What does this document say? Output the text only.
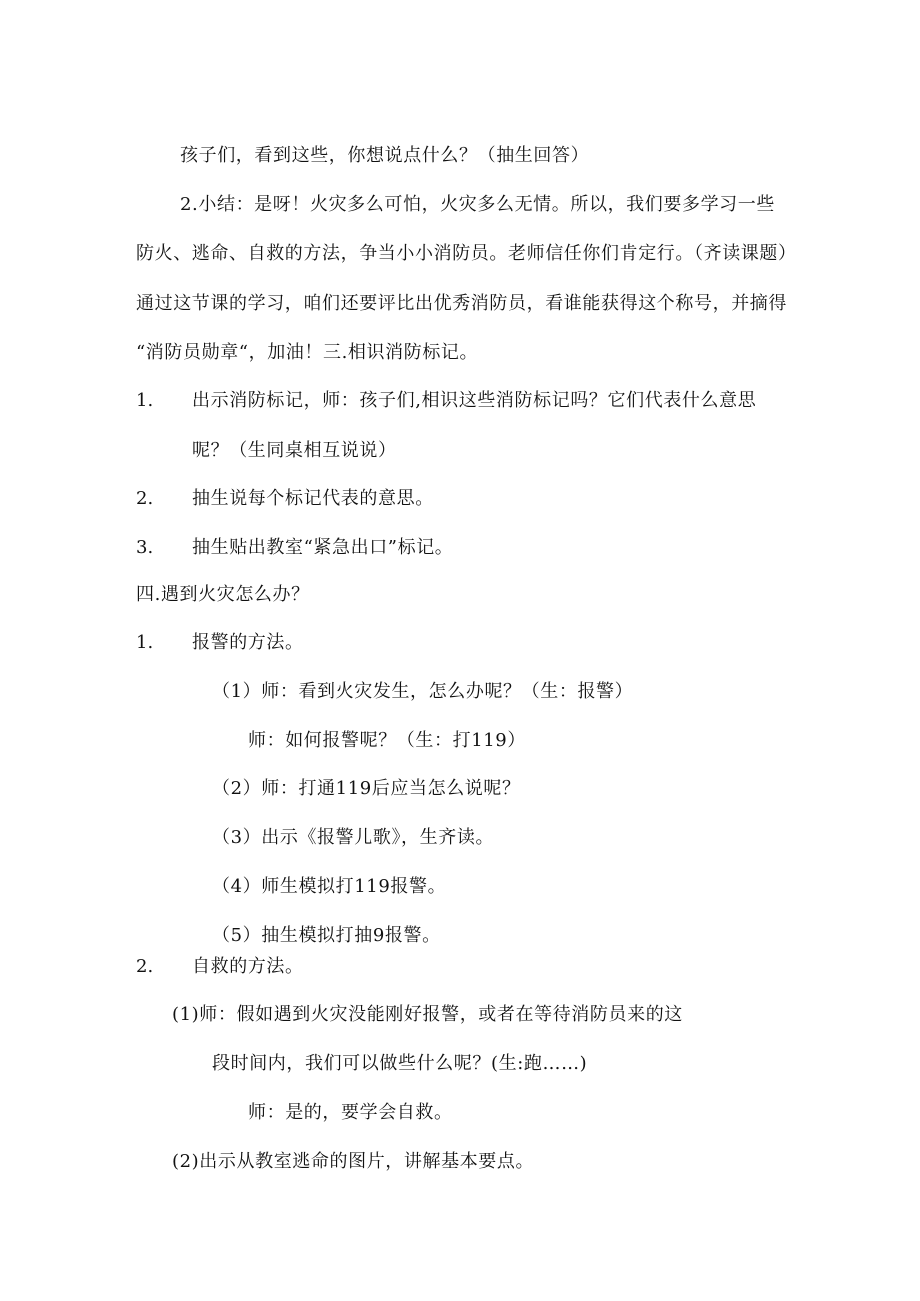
孩子们，看到这些，你想说点什么？（抽生回答）
2.小结：是呀！火灾多么可怕，火灾多么无情。所以，我们要多学习一些
防火、逃命、自救的方法，争当小小消防员。老师信任你们肯定行。（齐读课题）
通过这节课的学习，咱们还要评比出优秀消防员，看谁能获得这个称号，并摘得
“消防员勋章“，加油！三.相识消防标记。
1. 出示消防标记，师：孩子们,相识这些消防标记吗？它们代表什么意思
呢？（生同桌相互说说）
2. 抽生说每个标记代表的意思。
3. 抽生贴出教室“紧急出口”标记。
四.遇到火灾怎么办？
1. 报警的方法。
（1）师：看到火灾发生，怎么办呢？（生：报警）
师：如何报警呢？（生：打119）
（2）师：打通119后应当怎么说呢？
（3）出示《报警儿歌》，生齐读。
（4）师生模拟打119报警。
（5）抽生模拟打抽9报警。
2. 自救的方法。
(1)师：假如遇到火灾没能刚好报警，或者在等待消防员来的这
段时间内，我们可以做些什么呢？(生:跑……)
师：是的，要学会自救。
(2)出示从教室逃命的图片，讲解基本要点。
